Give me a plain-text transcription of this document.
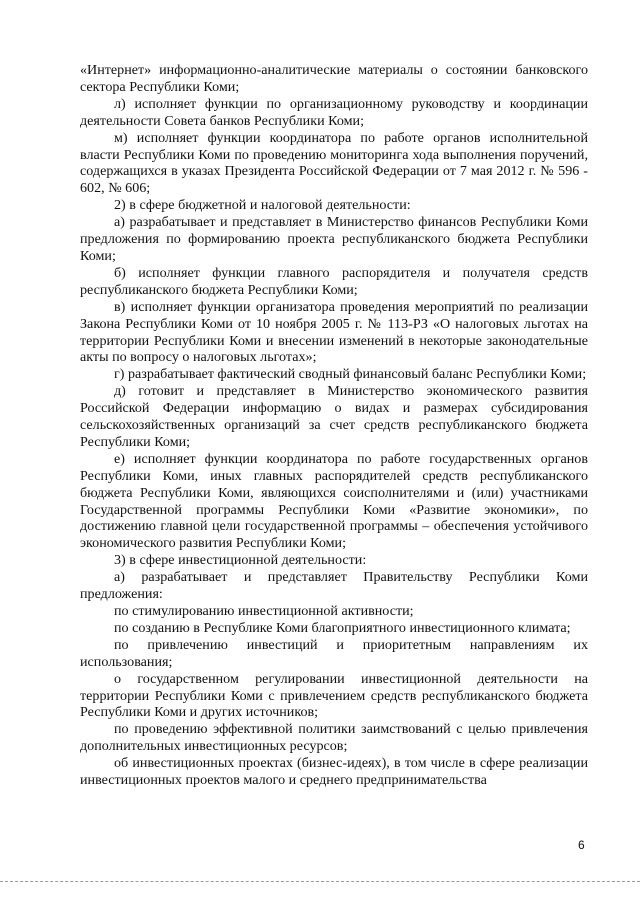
«Интернет» информационно-аналитические материалы о состоянии банковского сектора Республики Коми;

л) исполняет функции по организационному руководству и координации деятельности Совета банков Республики Коми;

м) исполняет функции координатора по работе органов исполнительной власти Республики Коми по проведению мониторинга хода выполнения поручений, содержащихся в указах Президента Российской Федерации от 7 мая 2012 г. № 596 - 602, № 606;

2) в сфере бюджетной и налоговой деятельности:

а) разрабатывает и представляет в Министерство финансов Республики Коми предложения по формированию проекта республиканского бюджета Республики Коми;

б) исполняет функции главного распорядителя и получателя средств республиканского бюджета Республики Коми;

в) исполняет функции организатора проведения мероприятий по реализации Закона Республики Коми от 10 ноября 2005 г. № 113-РЗ «О налоговых льготах на территории Республики Коми и внесении изменений в некоторые законодательные акты по вопросу о налоговых льготах»;

г) разрабатывает фактический сводный финансовый баланс Республики Коми;

д) готовит и представляет в Министерство экономического развития Российской Федерации информацию о видах и размерах субсидирования сельскохозяйственных организаций за счет средств республиканского бюджета Республики Коми;

е) исполняет функции координатора по работе государственных органов Республики Коми, иных главных распорядителей средств республиканского бюджета Республики Коми, являющихся соисполнителями и (или) участниками Государственной программы Республики Коми «Развитие экономики», по достижению главной цели государственной программы – обеспечения устойчивого экономического развития Республики Коми;

3) в сфере инвестиционной деятельности:

а) разрабатывает и представляет Правительству Республики Коми предложения:

по стимулированию инвестиционной активности;

по созданию в Республике Коми благоприятного инвестиционного климата;

по привлечению инвестиций и приоритетным направлениям их использования;

о государственном регулировании инвестиционной деятельности на территории Республики Коми с привлечением средств республиканского бюджета Республики Коми и других источников;

по проведению эффективной политики заимствований с целью привлечения дополнительных инвестиционных ресурсов;

об инвестиционных проектах (бизнес-идеях), в том числе в сфере реализации инвестиционных проектов малого и среднего предпринимательства

6
